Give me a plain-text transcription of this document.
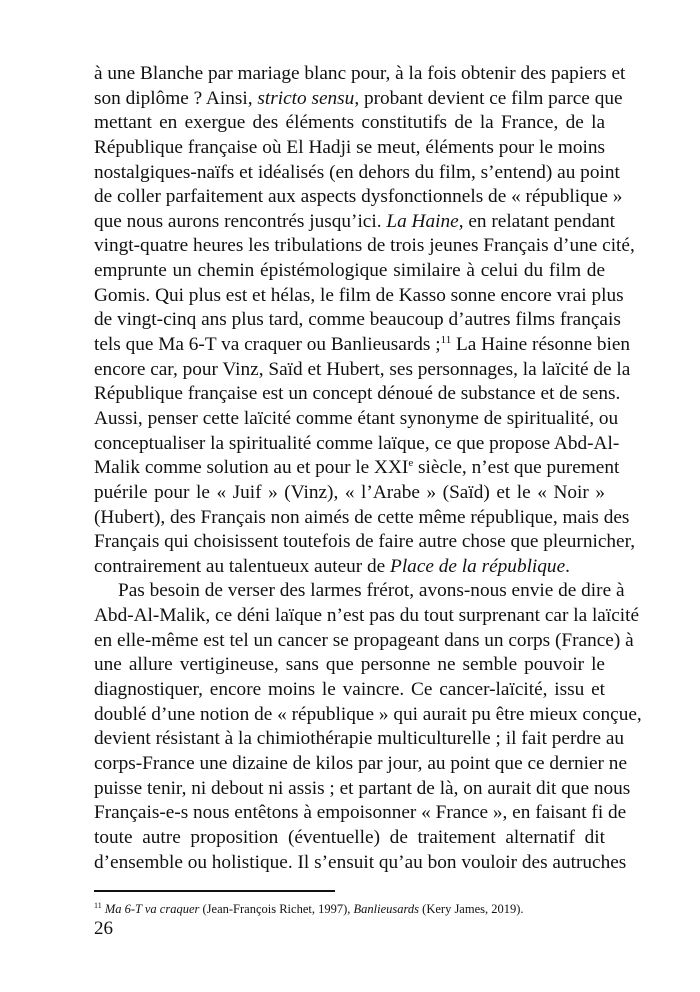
à une Blanche par mariage blanc pour, à la fois obtenir des papiers et
son diplôme ? Ainsi, stricto sensu, probant devient ce film parce que
mettant en exergue des éléments constitutifs de la France, de la
République française où El Hadji se meut, éléments pour le moins
nostalgiques-naïfs et idéalisés (en dehors du film, s’entend) au point
de coller parfaitement aux aspects dysfonctionnels de « république »
que nous aurons rencontrés jusqu’ici. La Haine, en relatant pendant
vingt-quatre heures les tribulations de trois jeunes Français d’une cité,
emprunte un chemin épistémologique similaire à celui du film de
Gomis. Qui plus est et hélas, le film de Kasso sonne encore vrai plus
de vingt-cinq ans plus tard, comme beaucoup d’autres films français
tels que Ma 6-T va craquer ou Banlieusards ;$^{11}$ La Haine résonne bien
encore car, pour Vinz, Saïd et Hubert, ses personnages, la laïcité de la
République française est un concept dénoué de substance et de sens.
Aussi, penser cette laïcité comme étant synonyme de spiritualité, ou
conceptualiser la spiritualité comme laïque, ce que propose Abd-Al-
Malik comme solution au et pour le XXIe siècle, n’est que purement
puérile pour le « Juif » (Vinz), « l’Arabe » (Saïd) et le « Noir »
(Hubert), des Français non aimés de cette même république, mais des
Français qui choisissent toutefois de faire autre chose que pleurnicher,
contrairement au talentueux auteur de Place de la république.
Pas besoin de verser des larmes frérot, avons-nous envie de dire à
Abd-Al-Malik, ce déni laïque n’est pas du tout surprenant car la laïcité
en elle-même est tel un cancer se propageant dans un corps (France) à
une allure vertigineuse, sans que personne ne semble pouvoir le
diagnostiquer, encore moins le vaincre. Ce cancer-laïcité, issu et
doublé d’une notion de « république » qui aurait pu être mieux conçue,
devient résistant à la chimiothérapie multiculturelle ; il fait perdre au
corps-France une dizaine de kilos par jour, au point que ce dernier ne
puisse tenir, ni debout ni assis ; et partant de là, on aurait dit que nous
Français-e-s nous entêtons à empoisonner « France », en faisant fi de
toute autre proposition (éventuelle) de traitement alternatif dit
d’ensemble ou holistique. Il s’ensuit qu’au bon vouloir des autruches
$^{11}$ Ma 6-T va craquer (Jean-François Richet, 1997), Banlieusards (Kery James, 2019).
26
